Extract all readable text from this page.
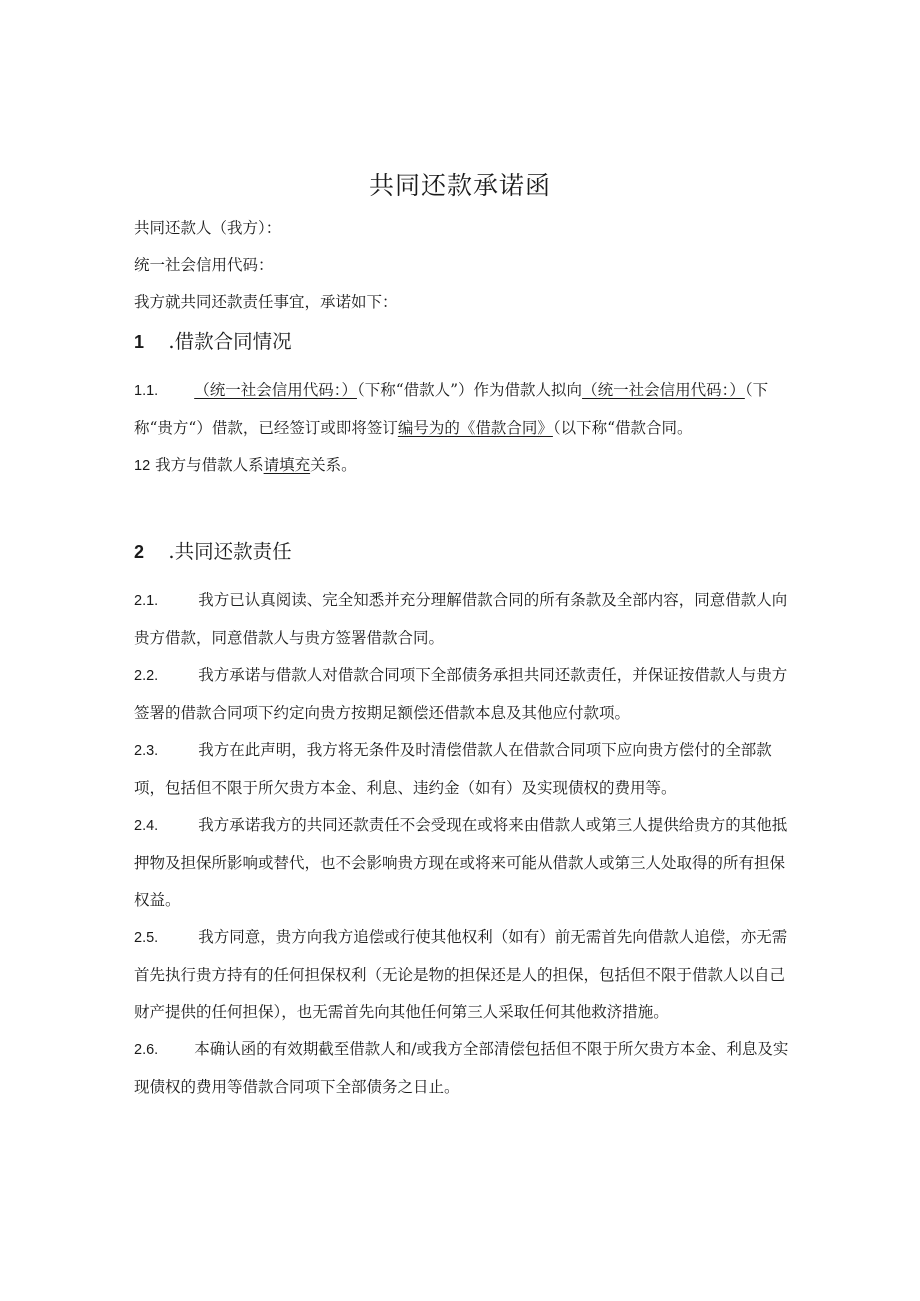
共同还款承诺函

共同还款人（我方）：

统一社会信用代码：

我方就共同还款责任事宜，承诺如下：

1 .借款合同情况

1.1. （统一社会信用代码：）（下称“借款人”）作为借款人拟向（统一社会信用代码：）（下称“贵方“）借款，已经签订或即将签订编号为的《借款合同》（以下称“借款合同。

12 我方与借款人系请填充关系。

2 .共同还款责任

2.1.	我方已认真阅读、完全知悉并充分理解借款合同的所有条款及全部内容，同意借款人向贵方借款，同意借款人与贵方签署借款合同。

2.2.	我方承诺与借款人对借款合同项下全部债务承担共同还款责任，并保证按借款人与贵方签署的借款合同项下约定向贵方按期足额偿还借款本息及其他应付款项。

2.3.	我方在此声明，我方将无条件及时清偿借款人在借款合同项下应向贵方偿付的全部款项，包括但不限于所欠贵方本金、利息、违约金（如有）及实现债权的费用等。

2.4.	我方承诺我方的共同还款责任不会受现在或将来由借款人或第三人提供给贵方的其他抵押物及担保所影响或替代，也不会影响贵方现在或将来可能从借款人或第三人处取得的所有担保权益。

2.5.	我方同意，贵方向我方追偿或行使其他权利（如有）前无需首先向借款人追偿，亦无需首先执行贵方持有的任何担保权利（无论是物的担保还是人的担保，包括但不限于借款人以自己财产提供的任何担保），也无需首先向其他任何第三人采取任何其他救济措施。

2.6. 本确认函的有效期截至借款人和/或我方全部清偿包括但不限于所欠贵方本金、利息及实现债权的费用等借款合同项下全部债务之日止。
